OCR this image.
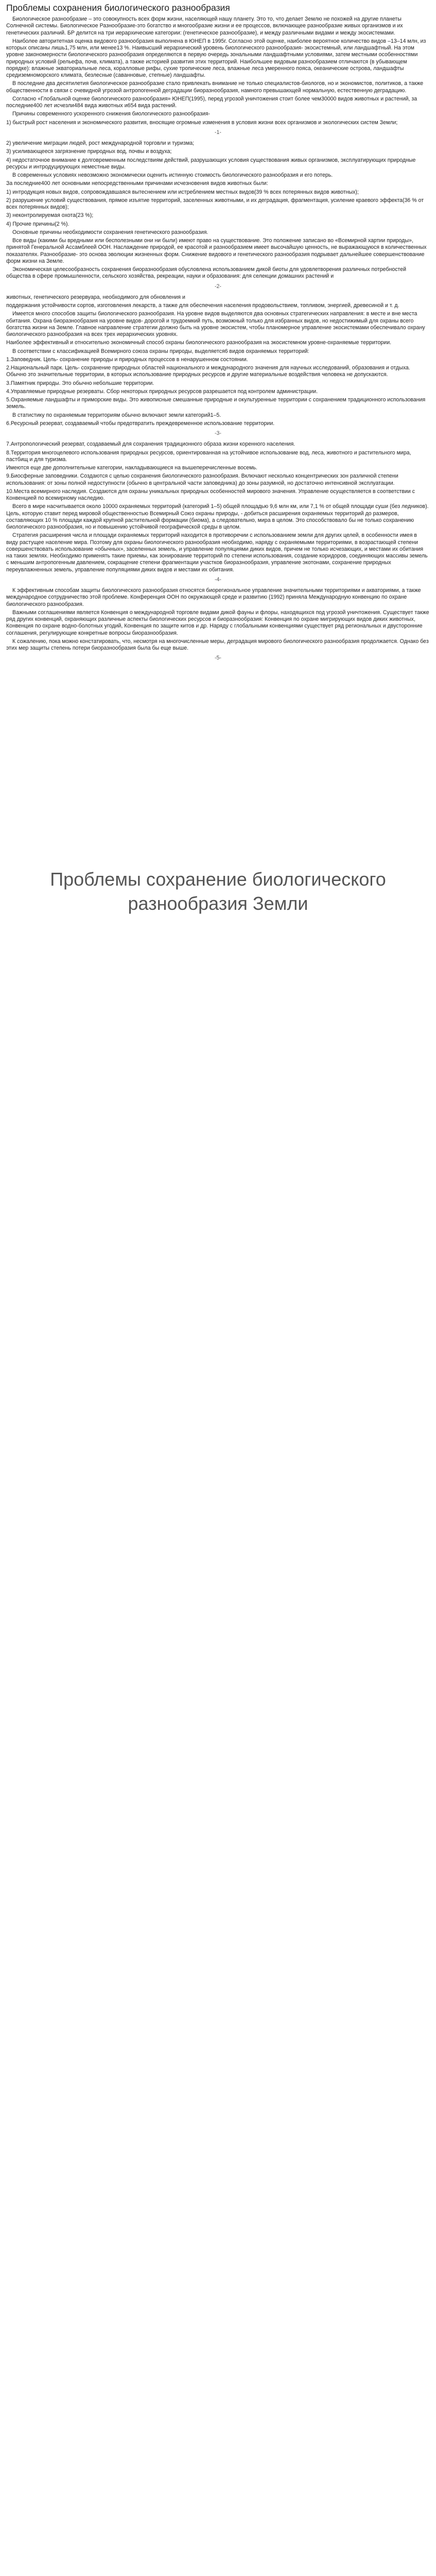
Проблемы сохранения биологического разнообразия
Биологическое разнообразие – это совокупность всех форм жизни, населяющей нашу планету. Это то, что делает Землю не похожей на другие планеты Солнечной системы. Биологическое Разнообразие-это богатство и многообразие жизни и ее процессов, включающее разнообразие живых организмов и их генетических различий. БР делится на три иерархические категории: (генетическое разнообразие), и между различными видами и между экосистемами.
Наиболее авторитетная оценка видового разнообразия выполнена в ЮНЕП в 1995г. Согласно этой оценке, наиболее вероятное количество видов –13–14 млн, из которых описаны лишь1,75 млн, или менее13 %. Наивысший иерархический уровень биологического разнообразия- экосистемный, или ландшафтный. На этом уровне закономерности биологического разнообразия определяются в первую очередь зональными ландшафтными условиями, затем местными особенностями природных условий (рельефа, почв, климата), а также историей развития этих территорий. Наибольшее видовым разнообразием отличаются (в убывающем порядке): влажные экваториальные леса, коралловые рифы, сухие тропические леса, влажные леса умеренного пояса, океанические острова, ландшафты средиземноморского климата, безлесные (саванновые, степные) ландшафты.
В последние два десятилетия биологическое разнообразие стало привлекать внимание не только специалистов-биологов, но и экономистов, политиков, а также общественности в связи с очевидной угрозой антропогенной деградации биоразнообразия, намного превышающей нормальную, естественную деградацию.
Согласно «Глобальной оценке биологического разнообразия» ЮНЕП(1995), перед угрозой уничтожения стоит более чем30000 видов животных и растений, за последние400 лет исчезли484 вида животных и654 вида растений.
Причины современного ускоренного снижения биологического разнообразия-
1) быстрый рост населения и экономического развития, вносящие огромные изменения в условия жизни всех организмов и экологических систем Земли;
-1-
2) увеличение миграции людей, рост международной торговли и туризма;
3) усиливающееся загрязнение природных вод, почвы и воздуха;
4) недостаточное внимание к долговременным последствиям действий, разрушающих условия существования живых организмов, эксплуатирующих природные ресурсы и интродуцирующих неместные виды.
В современных условиях невозможно экономически оценить истинную стоимость биологического разнообразия и его потерь.
За последние400 лет основными непосредственными причинами исчезновения видов животных были:
1) интродукция новых видов, сопровождавшаяся вытеснением или истреблением местных видов(39 % всех потерянных видов животных);
2) разрушение условий существования, прямое изъятие территорий, заселенных животными, и их деградация, фрагментация, усиление краевого эффекта(36 % от всех потерянных видов);
3) неконтролируемая охота(23 %);
4) Прочие причины(2 %).
Основные причины необходимости сохранения генетического разнообразия.
Все виды (какими бы вредными или бесполезными они ни были) имеют право на существование. Это положение записано во «Всемирной хартии природы», принятой Генеральной Ассамблеей ООН. Наслаждение природой, ее красотой и разнообразием имеет высочайшую ценность, не выражающуюся в количественных показателях. Разнообразие- это основа эволюции жизненных форм. Снижение видового и генетического разнообразия подрывает дальнейшее совершенствование форм жизни на Земле.
Экономическая целесообразность сохранения биоразнообразия обусловлена использованием дикой биоты для удовлетворения различных потребностей общества в сфере промышленности, сельского хозяйства, рекреации, науки и образования: для селекции домашних растений и
-2-
животных, генетического резервуара, необходимого для обновления и
поддержания устойчивости сортов, изготовления лекарств, а также для обеспечения населения продовольствием, топливом, энергией, древесиной и т. д.
Имеется много способов защиты биологического разнообразия. На уровне видов выделяются два основных стратегических направления: в месте и вне места обитания. Охрана биоразнообразия на уровне видов- дорогой и трудоемкий путь, возможный только для избранных видов, но недостижимый для охраны всего богатства жизни на Земле. Главное направление стратегии должно быть на уровне экосистем, чтобы планомерное управление экосистемами обеспечивало охрану биологического разнообразия на всех трех иерархических уровнях.
Наиболее эффективный и относительно экономичный способ охраны биологического разнообразия на экосистемном уровне-охраняемые территории.
В соответствии с классификацией Всемирного союза охраны природы, выделяется6 видов охраняемых территорий:
1.Заповедник. Цель- сохранение природы и природных процессов в ненарушенном состоянии.
2.Национальный парк. Цель- сохранение природных областей национального и международного значения для научных исследований, образования и отдыха. Обычно это значительные территории, в которых использование природных ресурсов и другие материальные воздействия человека не допускаются.
3.Памятник природы. Это обычно небольшие территории.
4.Управляемые природные резерваты. Сбор некоторых природных ресурсов разрешается под контролем администрации.
5.Охраняемые ландшафты и приморские виды. Это живописные смешанные природные и окультуренные территории с сохранением традиционного использования земель.
В статистику по охраняемым территориям обычно включают земли категорий1–5.
6.Ресурсный резерват, создаваемый чтобы предотвратить преждевременное использование территории.
-3-
7.Антропологический резерват, создаваемый для сохранения традиционного образа жизни коренного населения.
8.Территория многоцелевого использования природных ресурсов, ориентированная на устойчивое использование вод, леса, животного и растительного мира, пастбищ и для туризма.
Имеются еще две дополнительные категории, накладывающиеся на вышеперечисленные восемь.
9.Биосферные заповедники. Создаются с целью сохранения биологического разнообразия. Включают несколько концентрических зон различной степени использования: от зоны полной недоступности (обычно в центральной части заповедника) до зоны разумной, но достаточно интенсивной эксплуатации.
10.Места всемирного наследия. Создаются для охраны уникальных природных особенностей мирового значения. Управление осуществляется в соответствии с Конвенцией по всемирному наследию.
Всего в мире насчитывается около 10000 охраняемых территорий (категорий 1–5) общей площадью 9,6 млн км, или 7,1 % от общей площади суши (без ледников). Цель, которую ставит перед мировой общественностью Всемирный Союз охраны природы, - добиться расширения охраняемых территорий до размеров, составляющих 10 % площади каждой крупной растительной формации (биома), а следовательно, мира в целом. Это способствовало бы не только сохранению биологического разнообразия, но и повышению устойчивой географической среды в целом.
Стратегия расширения числа и площади охраняемых территорий находится в противоречии с использованием земли для других целей, в особенности имея в виду растущее население мира. Поэтому для охраны биологического разнообразия необходимо, наряду с охраняемыми территориями, в возрастающей степени совершенствовать использование «обычных», заселенных земель, и управление популяциями диких видов, причем не только исчезающих, и местами их обитания на таких землях. Необходимо применять такие приемы, как зонирование территорий по степени использования, создание коридоров, соединяющих массивы земель с меньшим антропогенным давлением, сокращение степени фрагментации участков биоразнообразия, управление экотонами, сохранение природных переувлажненных земель, управление популяциями диких видов и местами их обитания.
-4-
К эффективным способам защиты биологического разнообразия относятся биорегиональное управление значительными территориями и акваториями, а также международное сотрудничество этой проблеме. Конференция ООН по окружающей среде и развитию (1992) приняла Международную конвенцию по охране биологического разнообразия.
Важными соглашениями является Конвенция о международной торговле видами дикой фауны и флоры, находящихся под угрозой уничтожения. Существует также ряд других конвенций, охраняющих различные аспекты биологических ресурсов и биоразнообразия: Конвенция по охране мигрирующих видов диких животных, Конвенция по охране водно-болотных угодий, Конвенция по защите китов и др. Наряду с глобальными конвенциями существует ряд региональных и двусторонние соглашения, регулирующие конкретные вопросы биоразнообразия.
К сожалению, пока можно констатировать, что, несмотря на многочисленные меры, деградация мирового биологического разнообразия продолжается. Однако без этих мер защиты степень потери биоразнообразия была бы еще выше.
-5-
Проблемы сохранение биологического разнообразия Земли
